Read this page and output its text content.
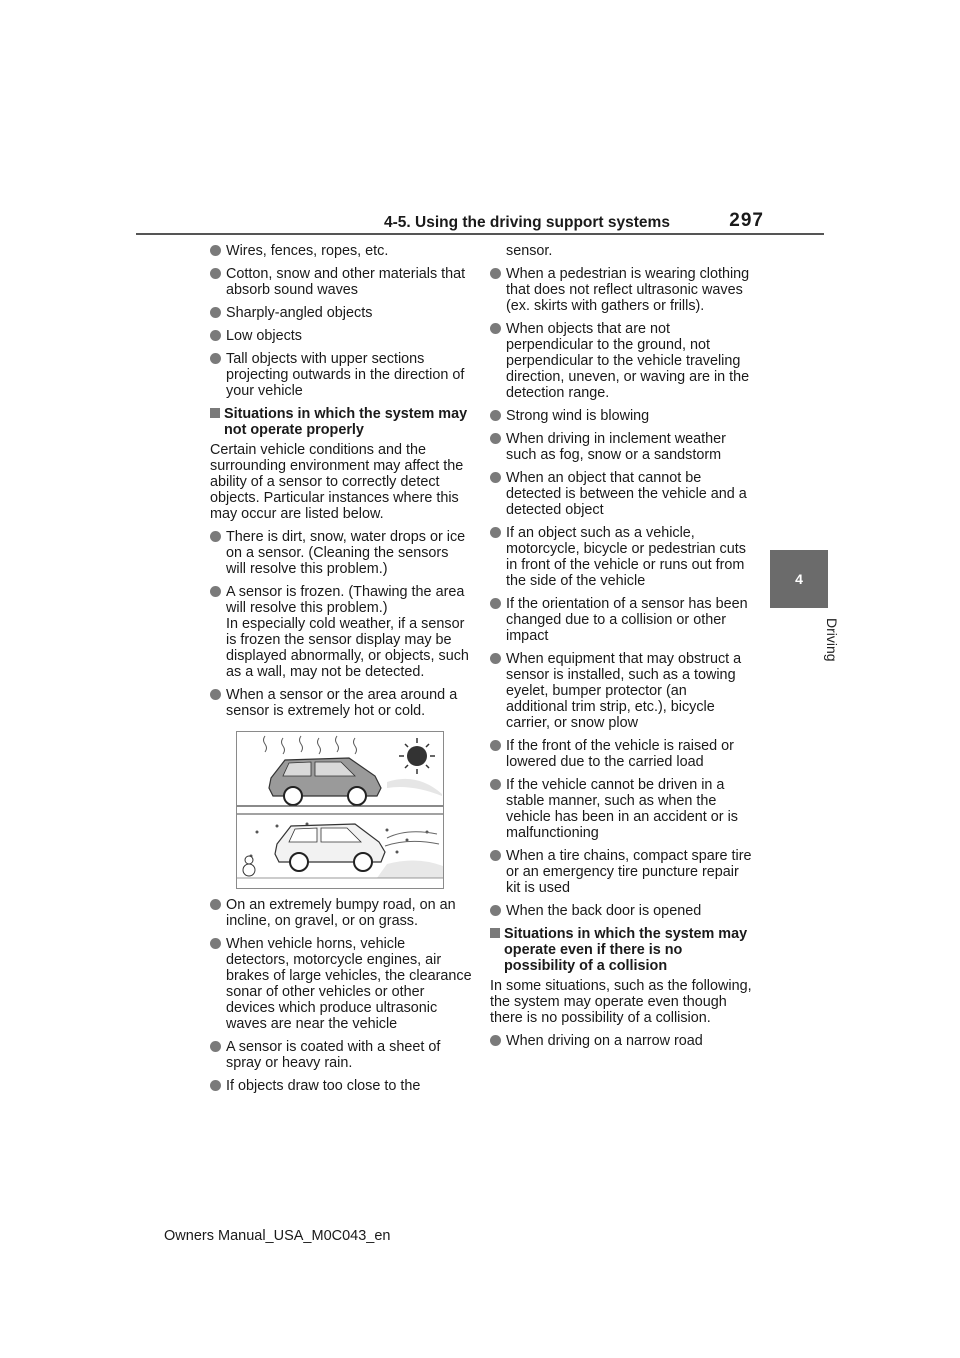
4-5. Using the driving support systems	297
4
Driving
Wires, fences, ropes, etc.
Cotton, snow and other materials that absorb sound waves
Sharply-angled objects
Low objects
Tall objects with upper sections projecting outwards in the direction of your vehicle
Situations in which the system may not operate properly
Certain vehicle conditions and the surrounding environment may affect the ability of a sensor to correctly detect objects. Particular instances where this may occur are listed below.
There is dirt, snow, water drops or ice on a sensor. (Cleaning the sensors will resolve this problem.)
A sensor is frozen. (Thawing the area will resolve this problem.)
In especially cold weather, if a sensor is frozen the sensor display may be displayed abnormally, or objects, such as a wall, may not be detected.
When a sensor or the area around a sensor is extremely hot or cold.
On an extremely bumpy road, on an incline, on gravel, or on grass.
When vehicle horns, vehicle detectors, motorcycle engines, air brakes of large vehicles, the clearance sonar of other vehicles or other devices which produce ultrasonic waves are near the vehicle
A sensor is coated with a sheet of spray or heavy rain.
If objects draw too close to the
sensor.
When a pedestrian is wearing clothing that does not reflect ultrasonic waves (ex. skirts with gathers or frills).
When objects that are not perpendicular to the ground, not perpendicular to the vehicle traveling direction, uneven, or waving are in the detection range.
Strong wind is blowing
When driving in inclement weather such as fog, snow or a sandstorm
When an object that cannot be detected is between the vehicle and a detected object
If an object such as a vehicle, motorcycle, bicycle or pedestrian cuts in front of the vehicle or runs out from the side of the vehicle
If the orientation of a sensor has been changed due to a collision or other impact
When equipment that may obstruct a sensor is installed, such as a towing eyelet, bumper protector (an additional trim strip, etc.), bicycle carrier, or snow plow
If the front of the vehicle is raised or lowered due to the carried load
If the vehicle cannot be driven in a stable manner, such as when the vehicle has been in an accident or is malfunctioning
When a tire chains, compact spare tire or an emergency tire puncture repair kit is used
When the back door is opened
Situations in which the system may operate even if there is no possibility of a collision
In some situations, such as the following, the system may operate even though there is no possibility of a collision.
When driving on a narrow road
Owners Manual_USA_M0C043_en
